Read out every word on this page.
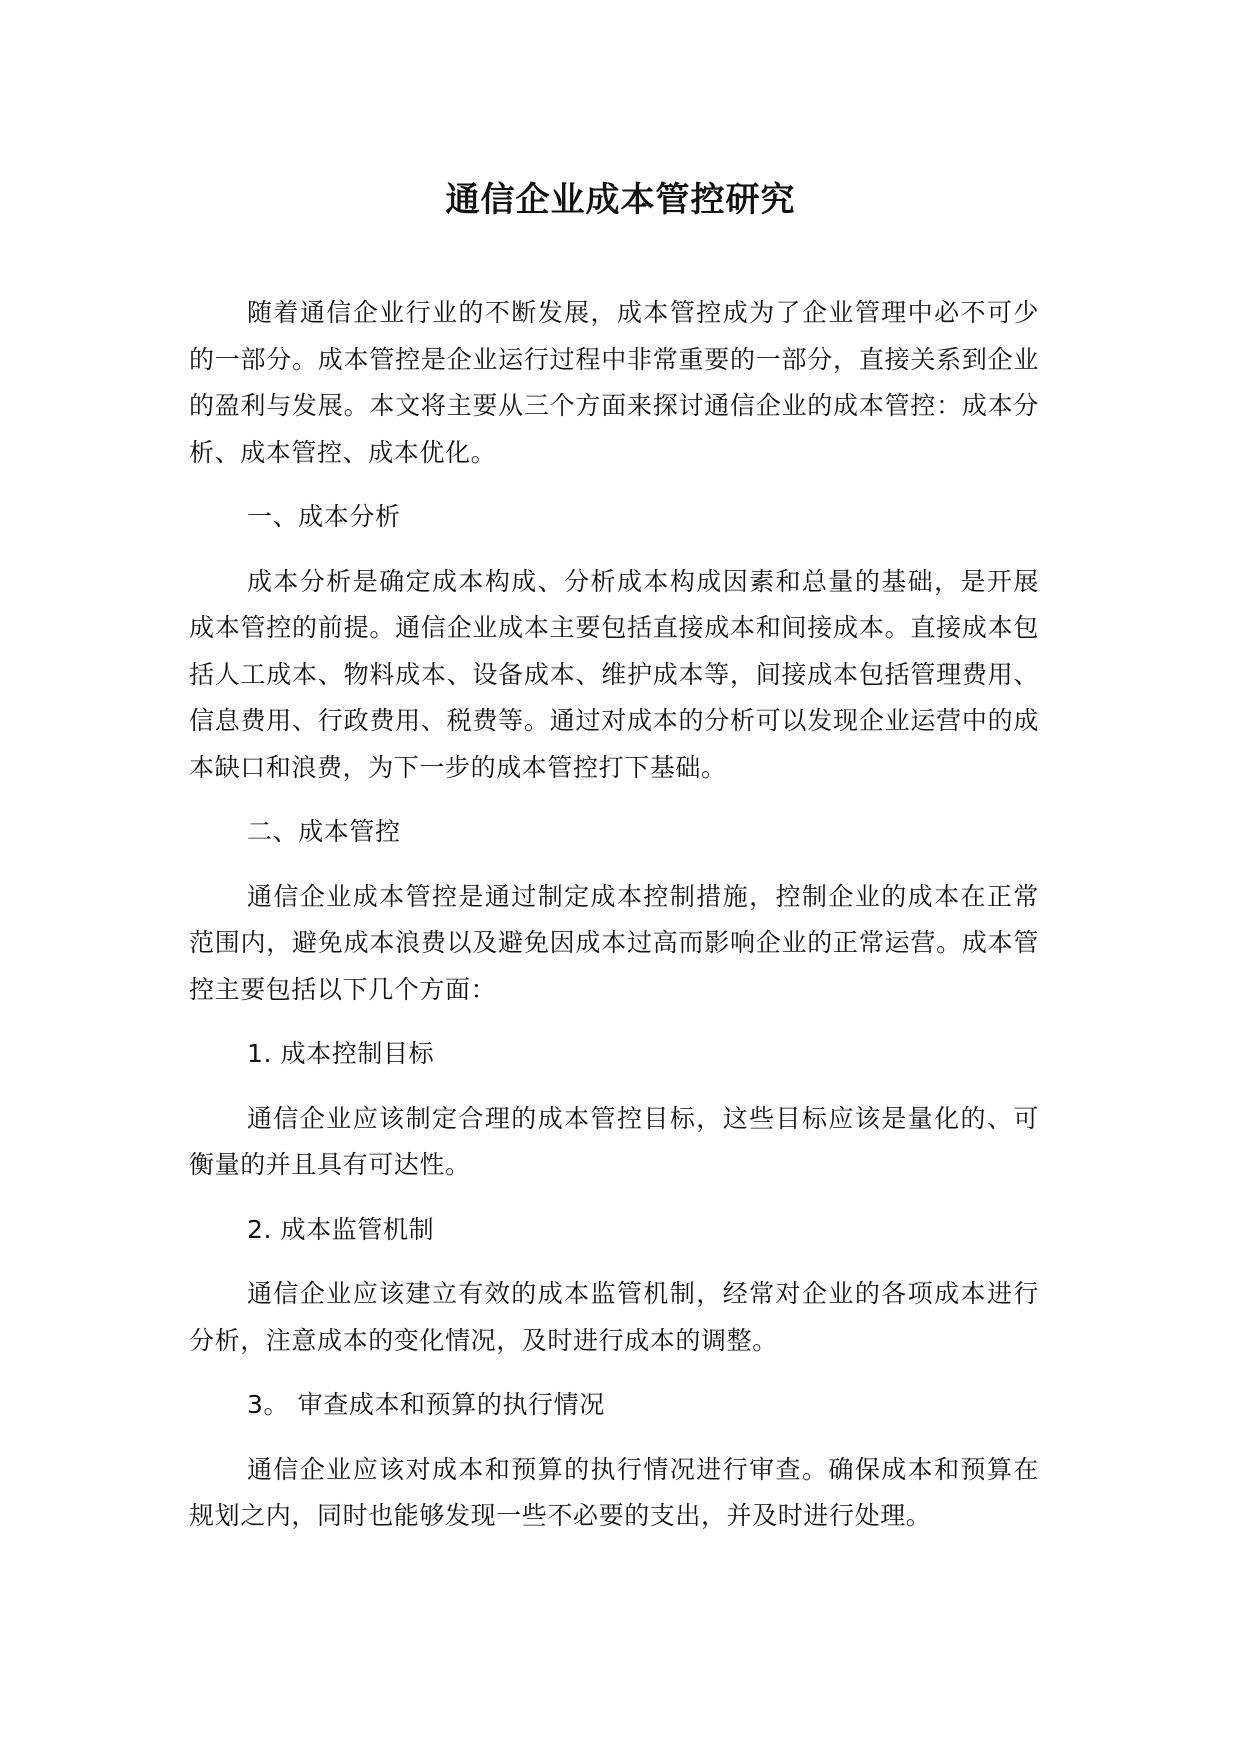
通信企业成本管控研究

随着通信企业行业的不断发展，成本管控成为了企业管理中必不可少的一部分。成本管控是企业运行过程中非常重要的一部分，直接关系到企业的盈利与发展。本文将主要从三个方面来探讨通信企业的成本管控：成本分析、成本管控、成本优化。

一、成本分析

成本分析是确定成本构成、分析成本构成因素和总量的基础，是开展成本管控的前提。通信企业成本主要包括直接成本和间接成本。直接成本包括人工成本、物料成本、设备成本、维护成本等，间接成本包括管理费用、信息费用、行政费用、税费等。通过对成本的分析可以发现企业运营中的成本缺口和浪费，为下一步的成本管控打下基础。

二、成本管控

通信企业成本管控是通过制定成本控制措施，控制企业的成本在正常范围内，避免成本浪费以及避免因成本过高而影响企业的正常运营。成本管控主要包括以下几个方面：

1. 成本控制目标

通信企业应该制定合理的成本管控目标，这些目标应该是量化的、可衡量的并且具有可达性。

2. 成本监管机制

通信企业应该建立有效的成本监管机制，经常对企业的各项成本进行分析，注意成本的变化情况，及时进行成本的调整。

3。 审查成本和预算的执行情况

通信企业应该对成本和预算的执行情况进行审查。确保成本和预算在规划之内，同时也能够发现一些不必要的支出，并及时进行处理。
